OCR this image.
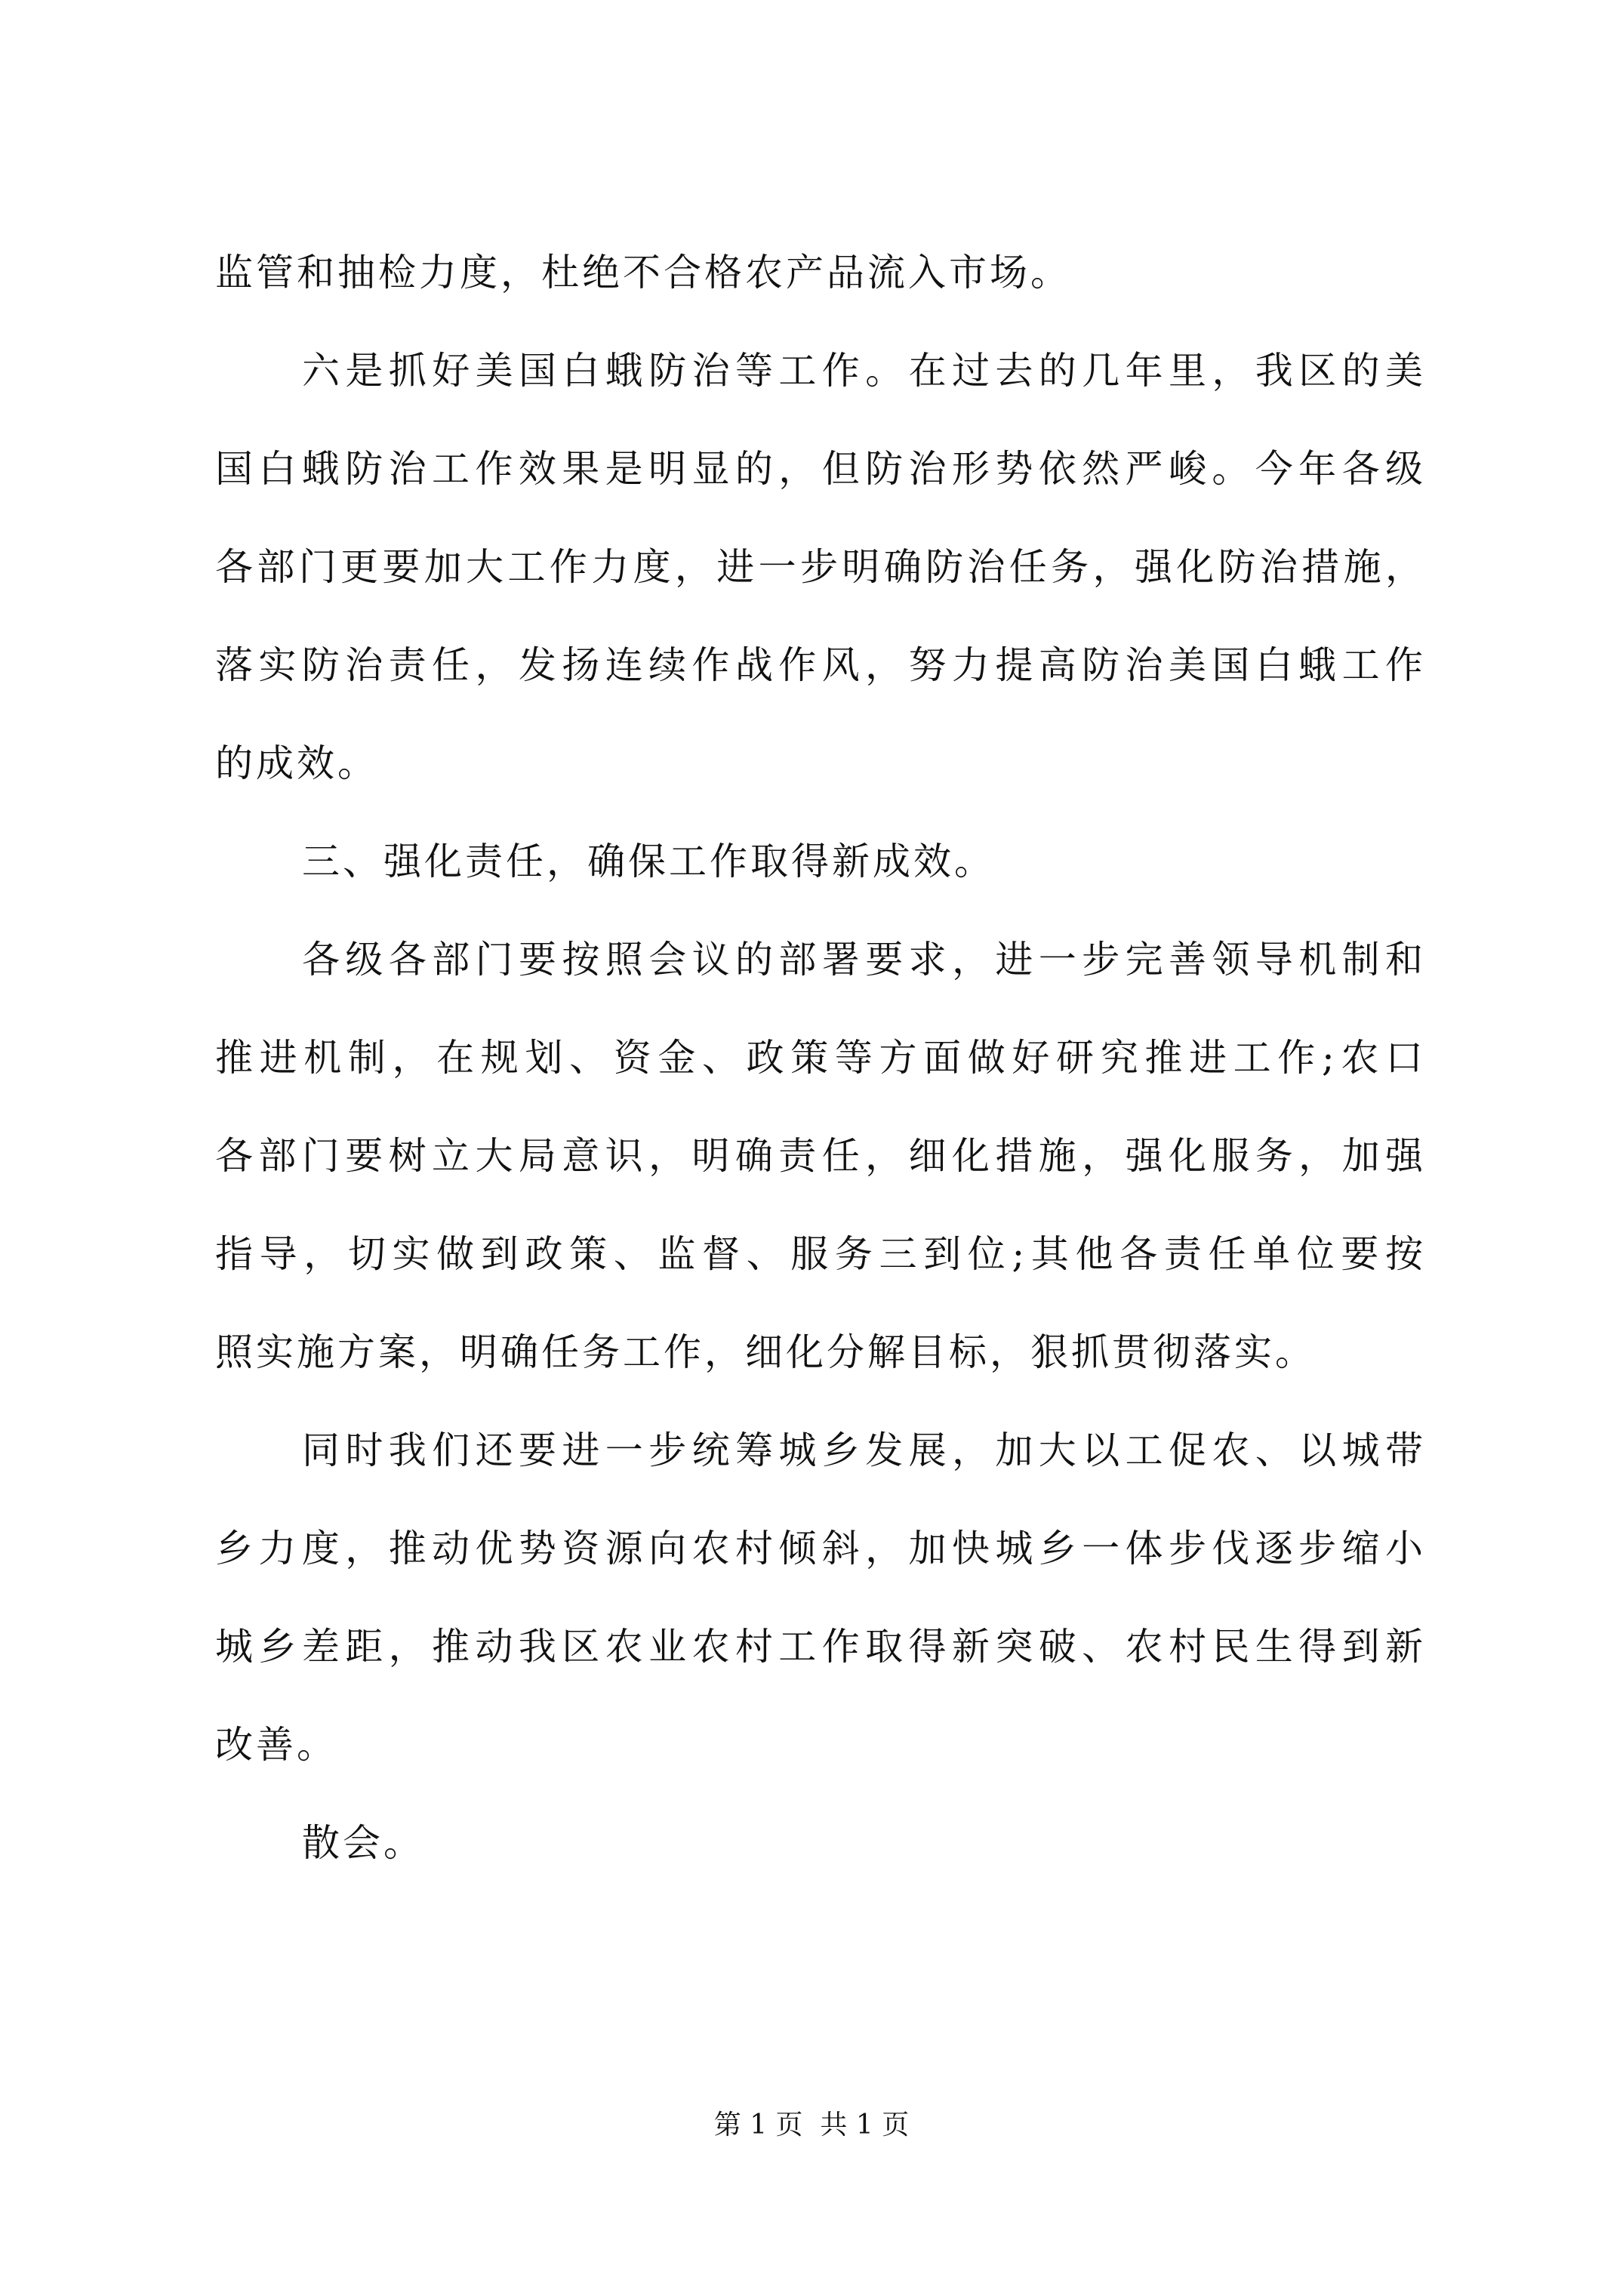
监管和抽检力度，杜绝不合格农产品流入市场。
六是抓好美国白蛾防治等工作。在过去的几年里，我区的美
国白蛾防治工作效果是明显的，但防治形势依然严峻。今年各级
各部门更要加大工作力度，进一步明确防治任务，强化防治措施，
落实防治责任，发扬连续作战作风，努力提高防治美国白蛾工作
的成效。
三、强化责任，确保工作取得新成效。
各级各部门要按照会议的部署要求，进一步完善领导机制和
推进机制，在规划、资金、政策等方面做好研究推进工作;农口
各部门要树立大局意识，明确责任，细化措施，强化服务，加强
指导，切实做到政策、监督、服务三到位;其他各责任单位要按
照实施方案，明确任务工作，细化分解目标，狠抓贯彻落实。
同时我们还要进一步统筹城乡发展，加大以工促农、以城带
乡力度，推动优势资源向农村倾斜，加快城乡一体步伐逐步缩小
城乡差距，推动我区农业农村工作取得新突破、农村民生得到新
改善。
散会。
第 1 页  共 1 页
